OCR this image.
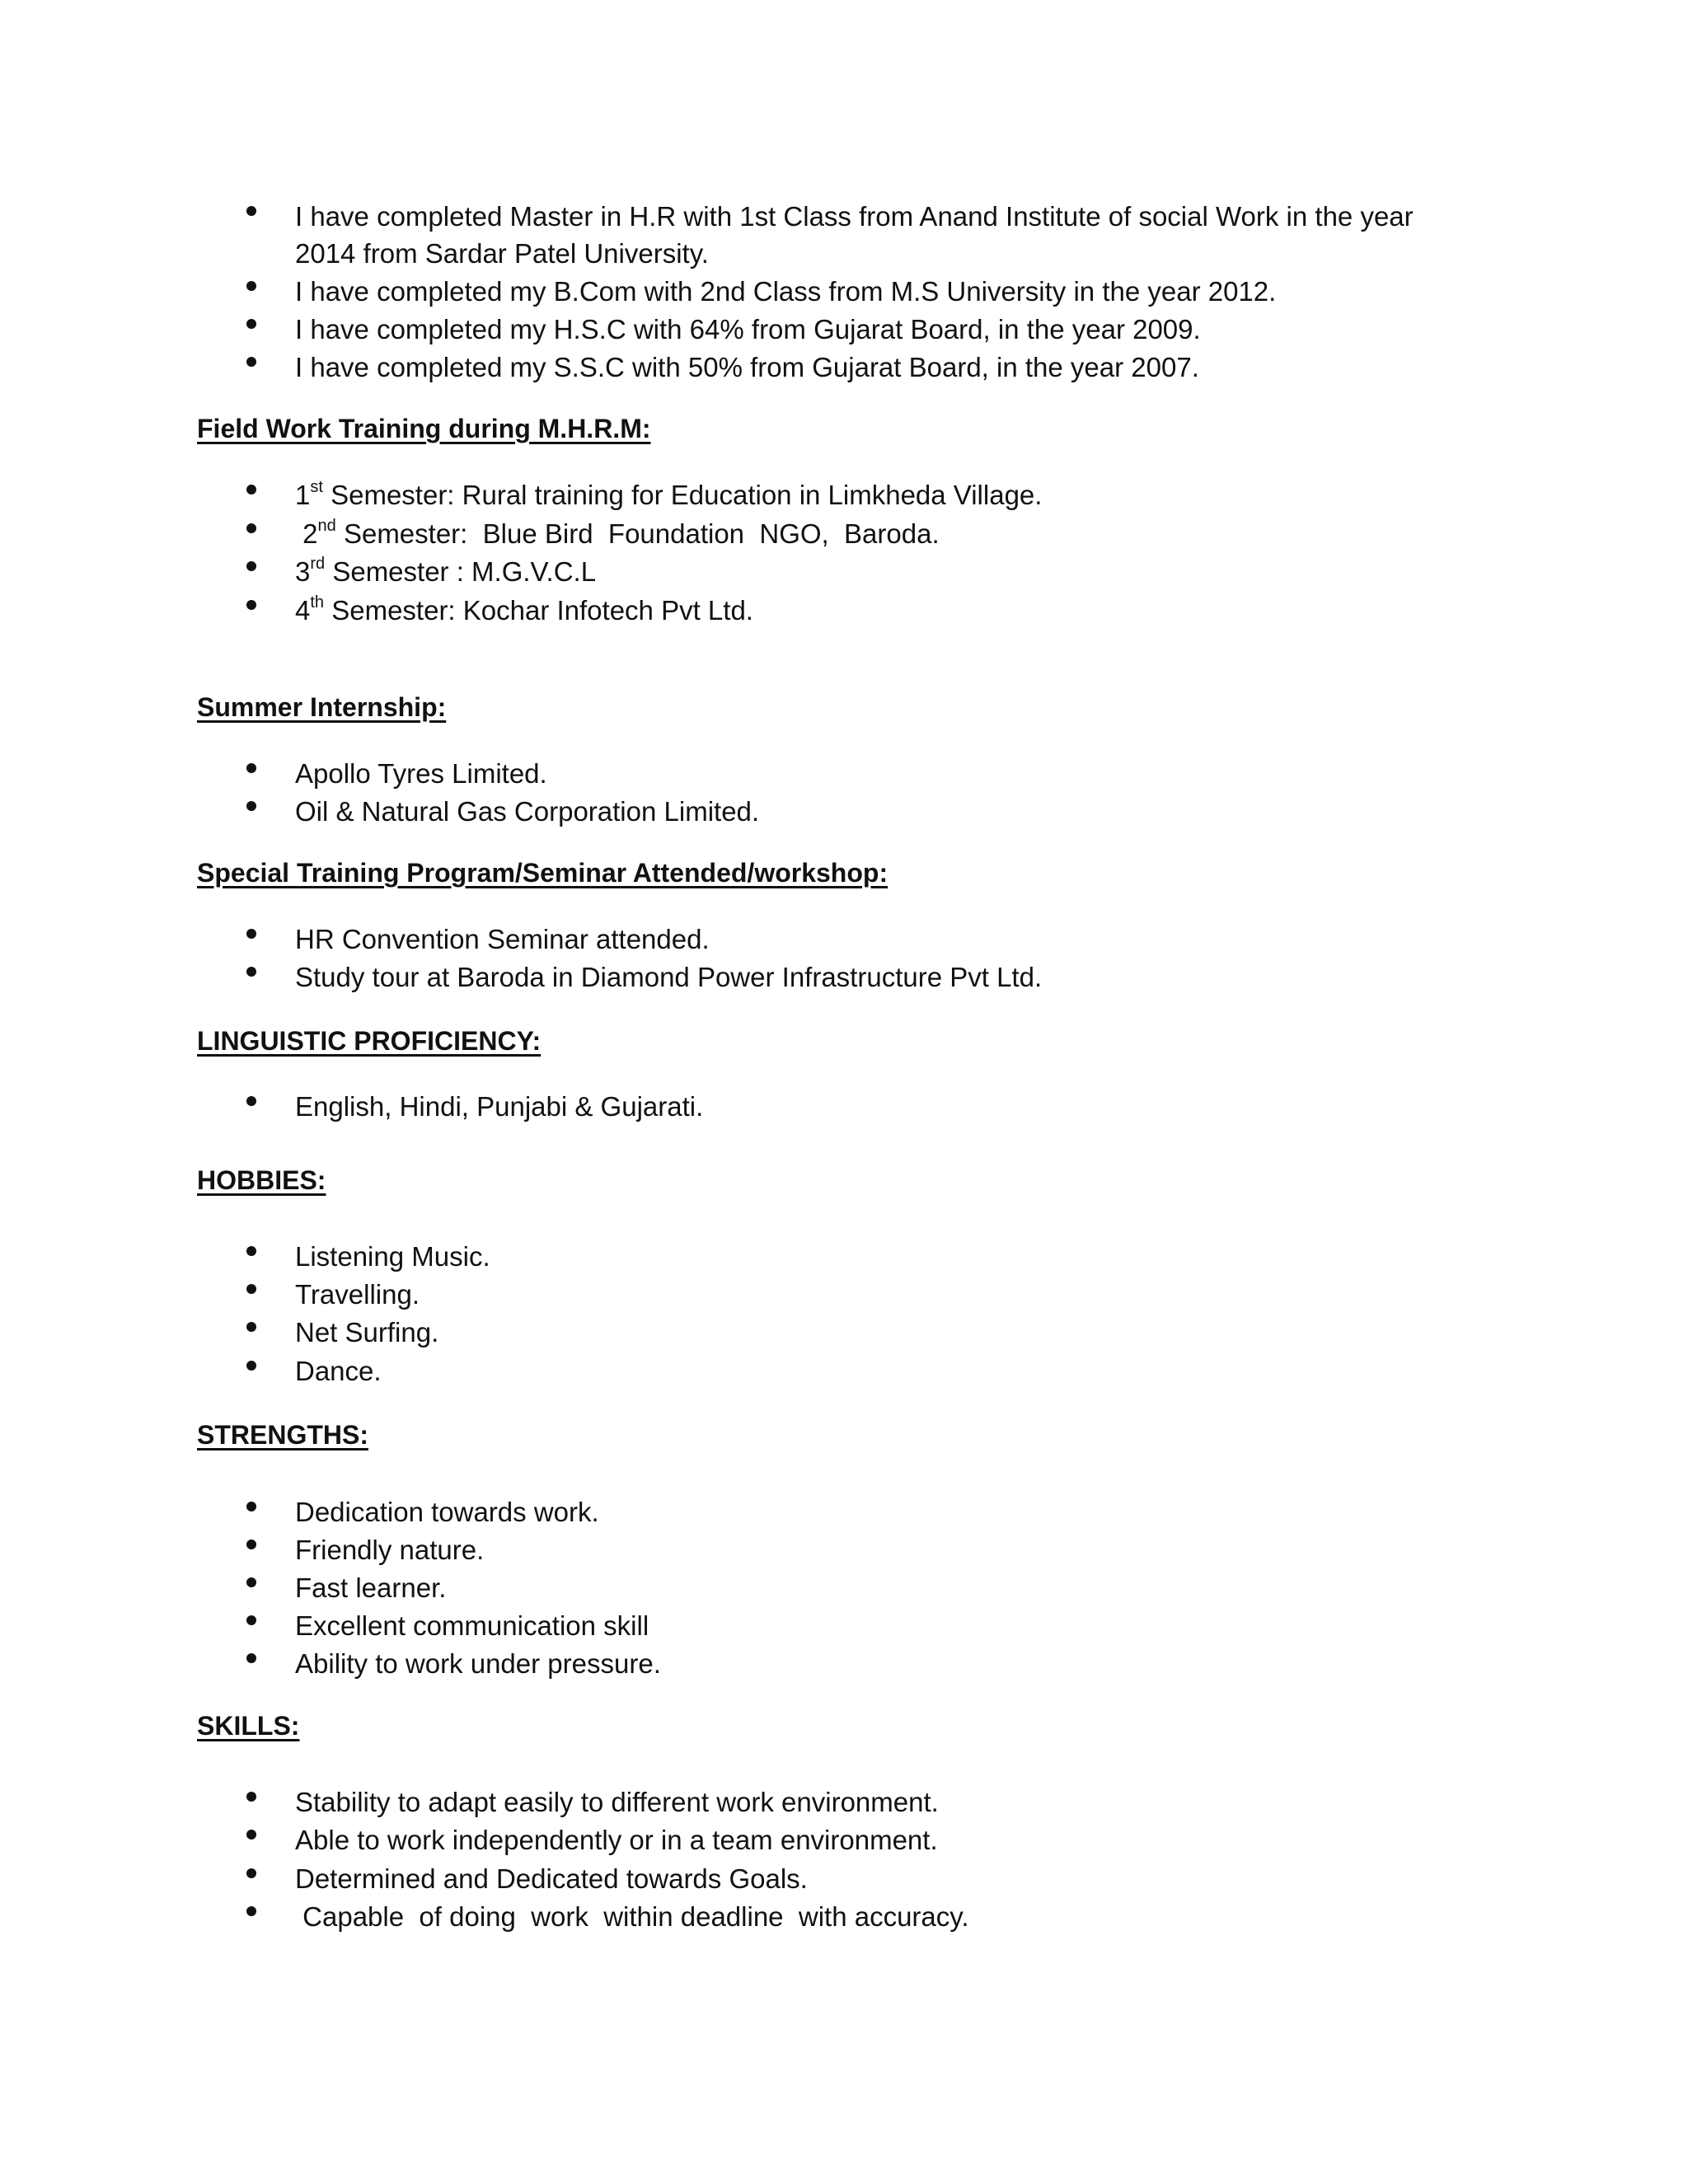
I have completed Master in H.R with 1st Class from Anand Institute of social Work in the year
2014 from Sardar Patel University.
I have completed my B.Com with 2nd Class from M.S University in the year 2012.
I have completed my H.S.C with 64% from Gujarat Board, in the year 2009.
I have completed my S.S.C with 50% from Gujarat Board, in the year 2007.
Field Work Training during M.H.R.M:
1st Semester: Rural training for Education in Limkheda Village.
2nd Semester:  Blue Bird  Foundation  NGO,  Baroda.
3rd Semester : M.G.V.C.L
4th Semester: Kochar Infotech Pvt Ltd.
Summer Internship:
Apollo Tyres Limited.
Oil & Natural Gas Corporation Limited.
Special Training Program/Seminar Attended/workshop:
HR Convention Seminar attended.
Study tour at Baroda in Diamond Power Infrastructure Pvt Ltd.
LINGUISTIC PROFICIENCY:
English, Hindi, Punjabi & Gujarati.
HOBBIES:
Listening Music.
Travelling.
Net Surfing.
Dance.
STRENGTHS:
Dedication towards work.
Friendly nature.
Fast learner.
Excellent communication skill
Ability to work under pressure.
SKILLS:
Stability to adapt easily to different work environment.
Able to work independently or in a team environment.
Determined and Dedicated towards Goals.
Capable  of doing  work  within deadline  with accuracy.
